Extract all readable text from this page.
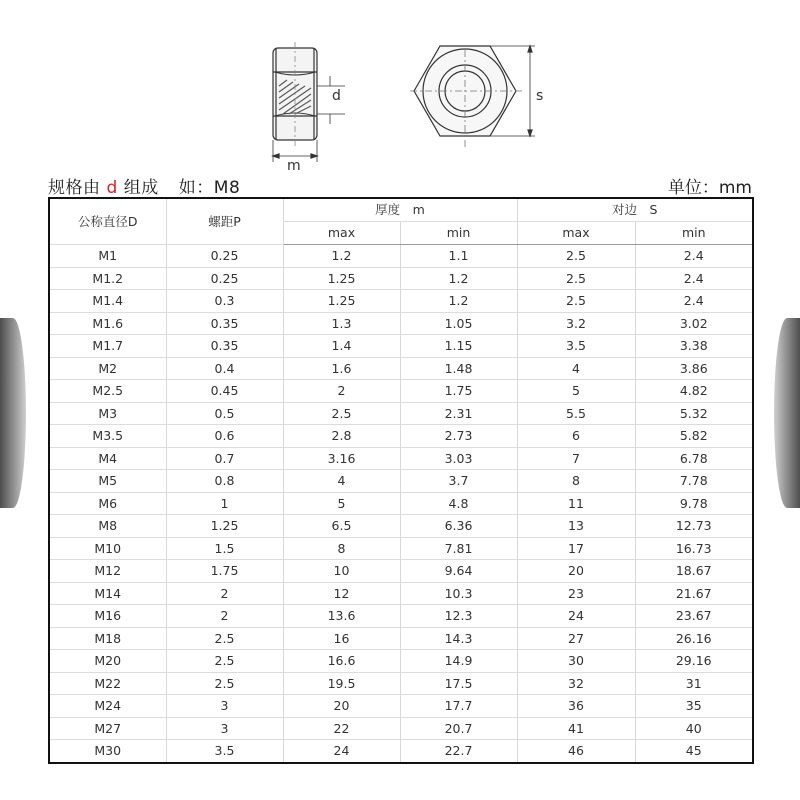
d
m
s
规格由 d 组成 如：M8	单位：mm
公称直径D	螺距P	厚度　m		对边　S	
		max	min	max	min
M1	0.25	1.2	1.1	2.5	2.4
M1.2	0.25	1.25	1.2	2.5	2.4
M1.4	0.3	1.25	1.2	2.5	2.4
M1.6	0.35	1.3	1.05	3.2	3.02
M1.7	0.35	1.4	1.15	3.5	3.38
M2	0.4	1.6	1.48	4	3.86
M2.5	0.45	2	1.75	5	4.82
M3	0.5	2.5	2.31	5.5	5.32
M3.5	0.6	2.8	2.73	6	5.82
M4	0.7	3.16	3.03	7	6.78
M5	0.8	4	3.7	8	7.78
M6	1	5	4.8	11	9.78
M8	1.25	6.5	6.36	13	12.73
M10	1.5	8	7.81	17	16.73
M12	1.75	10	9.64	20	18.67
M14	2	12	10.3	23	21.67
M16	2	13.6	12.3	24	23.67
M18	2.5	16	14.3	27	26.16
M20	2.5	16.6	14.9	30	29.16
M22	2.5	19.5	17.5	32	31
M24	3	20	17.7	36	35
M27	3	22	20.7	41	40
M30	3.5	24	22.7	46	45
